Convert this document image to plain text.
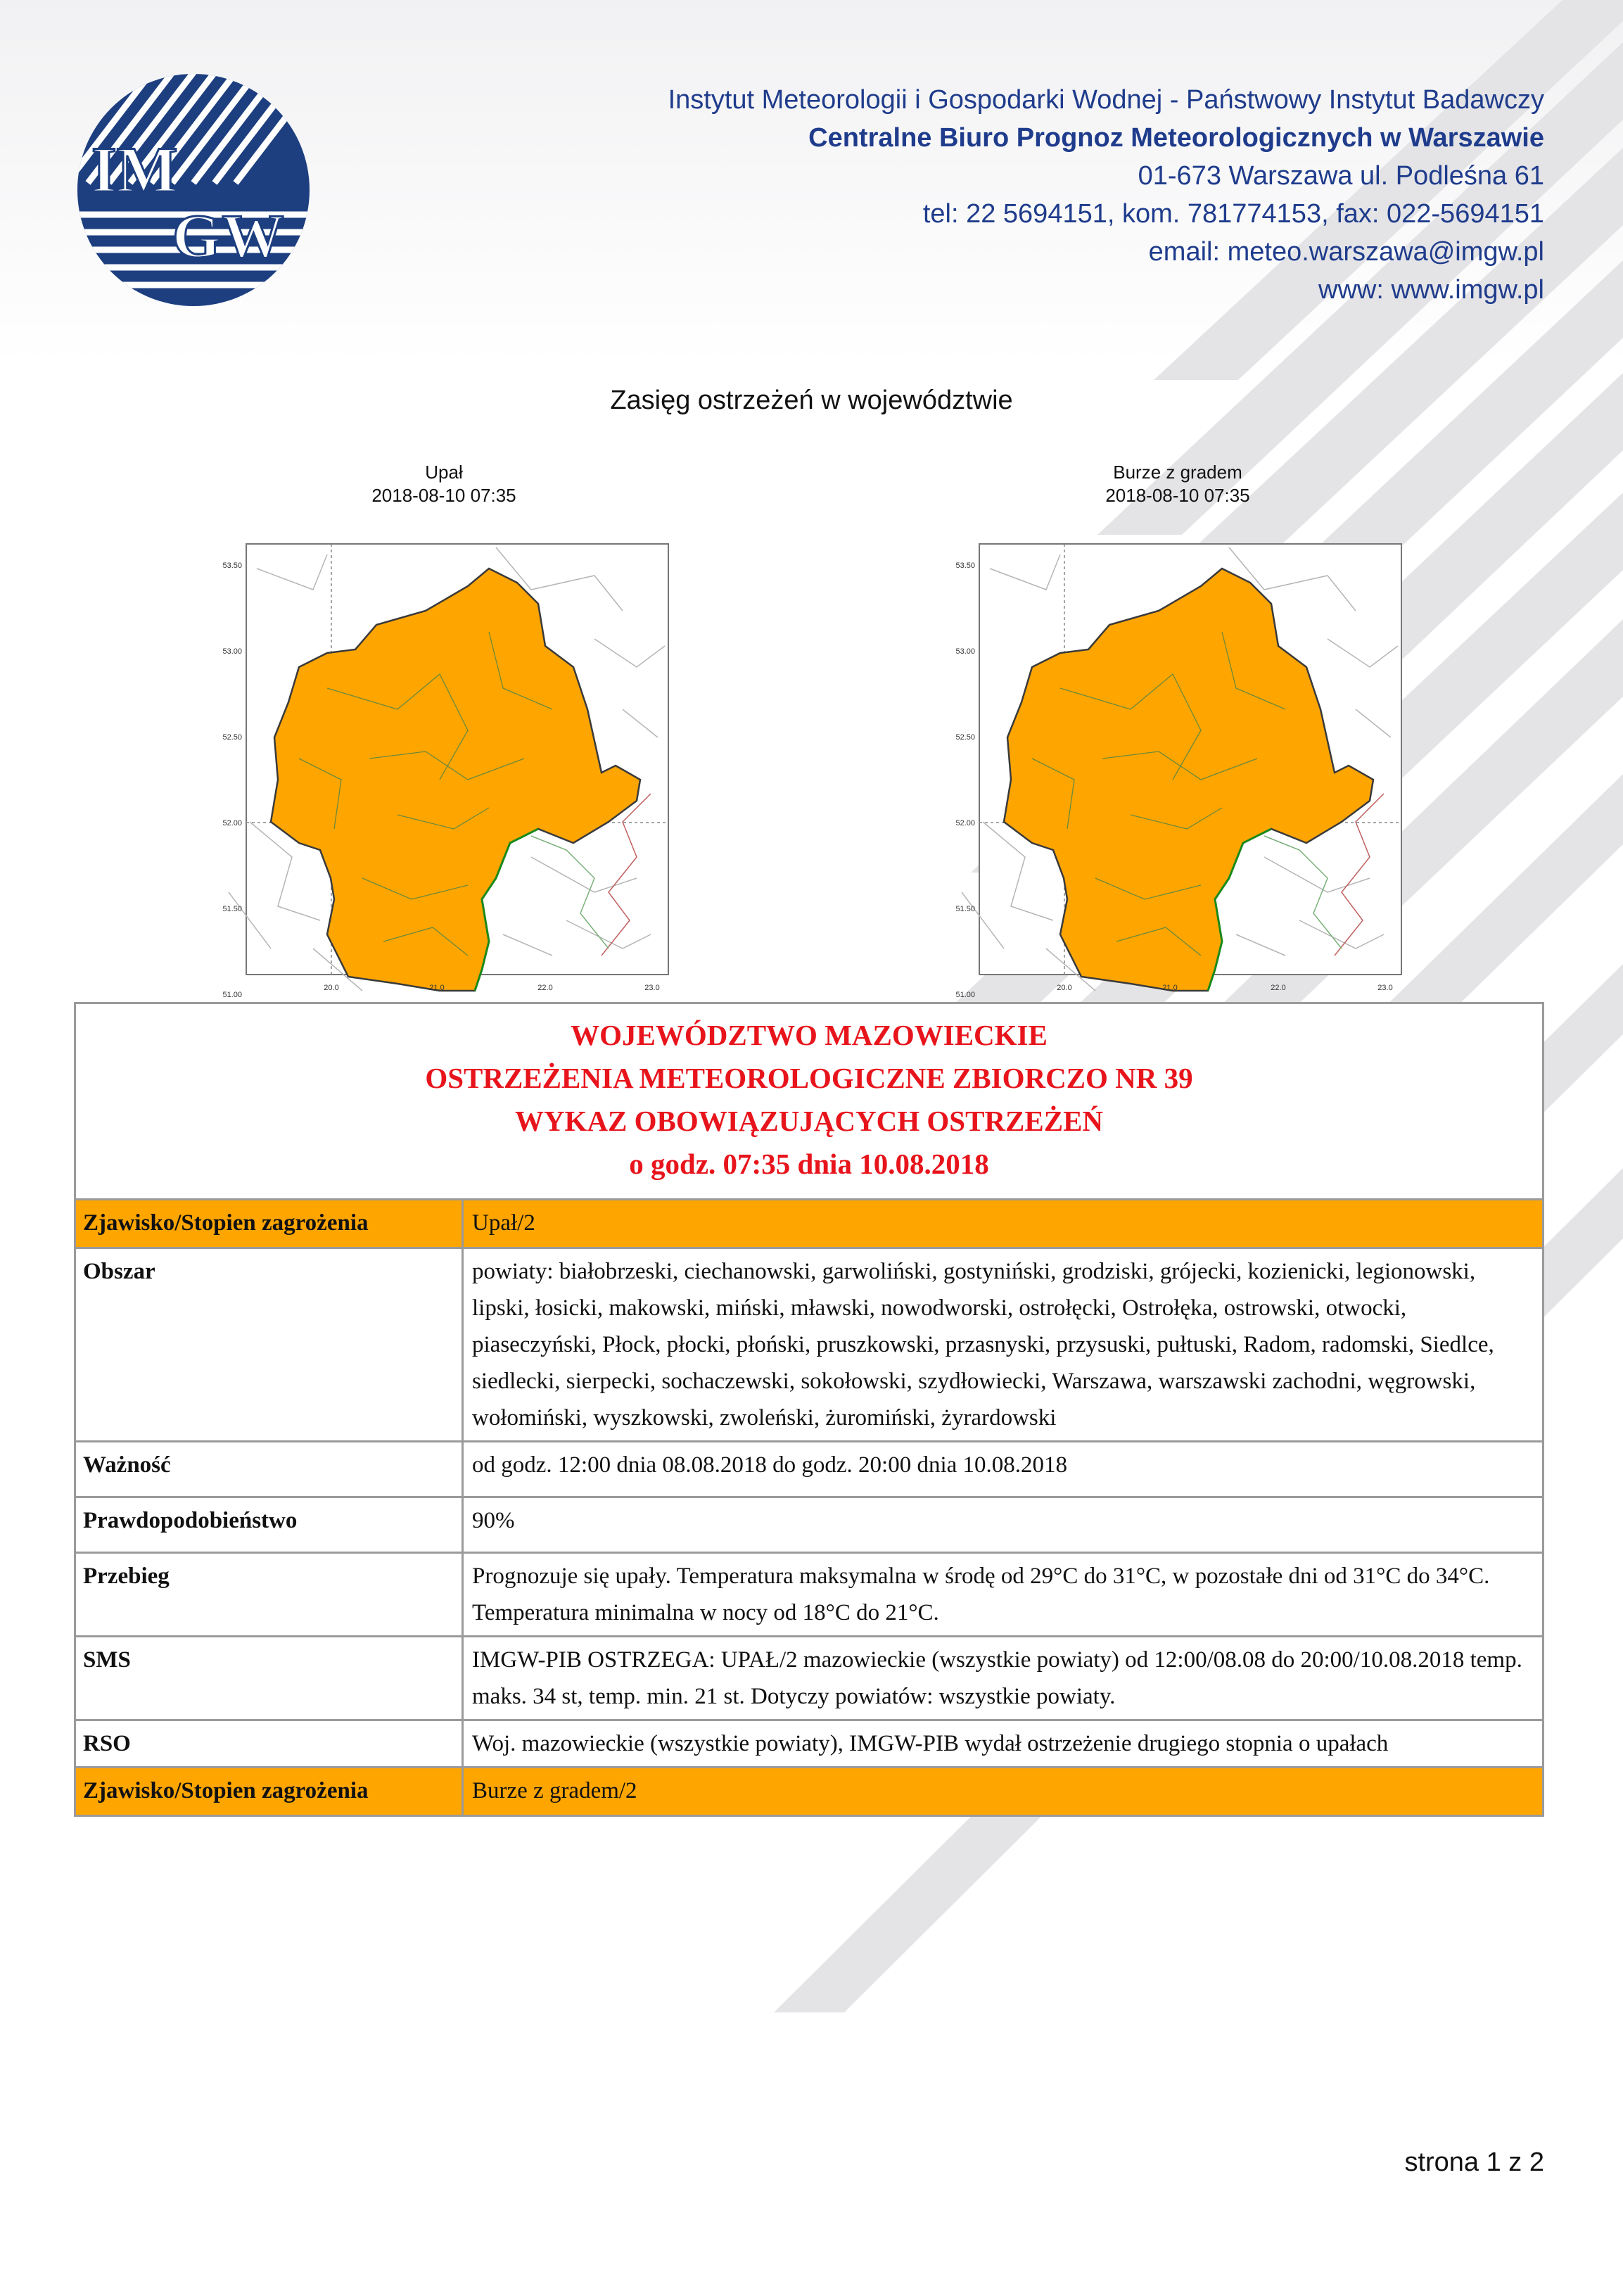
IM
GW
Instytut Meteorologii i Gospodarki Wodnej - Państwowy Instytut Badawczy
Centralne Biuro Prognoz Meteorologicznych w Warszawie
01-673 Warszawa ul. Podleśna 61
tel: 22 5694151, kom. 781774153, fax: 022-5694151
email: meteo.warszawa@imgw.pl
www: www.imgw.pl
Zasięg ostrzeżeń w województwie
Upał
2018-08-10 07:35
Burze z gradem
2018-08-10 07:35
53.50
53.00
52.50
52.00
51.50
51.00
20.0	21.0	22.0	23.0
53.50
53.00
52.50
52.00
51.50
51.00
20.0	21.0	22.0	23.0
WOJEWÓDZTWO MAZOWIECKIE
OSTRZEŻENIA METEOROLOGICZNE ZBIORCZO NR 39
WYKAZ OBOWIĄZUJĄCYCH OSTRZEŻEŃ
o godz. 07:35 dnia 10.08.2018
Zjawisko/Stopien zagrożenia	Upał/2
Obszar	powiaty: białobrzeski, ciechanowski, garwoliński, gostyniński, grodziski, grójecki, kozienicki, legionowski, lipski, łosicki, makowski, miński, mławski, nowodworski, ostrołęcki, Ostrołęka, ostrowski, otwocki, piaseczyński, Płock, płocki, płoński, pruszkowski, przasnyski, przysuski, pułtuski, Radom, radomski, Siedlce, siedlecki, sierpecki, sochaczewski, sokołowski, szydłowiecki, Warszawa, warszawski zachodni, węgrowski, wołomiński, wyszkowski, zwoleński, żuromiński, żyrardowski
Ważność	od godz. 12:00 dnia 08.08.2018 do godz. 20:00 dnia 10.08.2018
Prawdopodobieństwo	90%
Przebieg	Prognozuje się upały. Temperatura maksymalna w środę od 29°C do 31°C, w pozostałe dni od 31°C do 34°C. Temperatura minimalna w nocy od 18°C do 21°C.
SMS	IMGW-PIB OSTRZEGA: UPAŁ/2 mazowieckie (wszystkie powiaty) od 12:00/08.08 do 20:00/10.08.2018 temp. maks. 34 st, temp. min. 21 st. Dotyczy powiatów: wszystkie powiaty.
RSO	Woj. mazowieckie (wszystkie powiaty), IMGW-PIB wydał ostrzeżenie drugiego stopnia o upałach
Zjawisko/Stopien zagrożenia	Burze z gradem/2
strona 1 z 2
